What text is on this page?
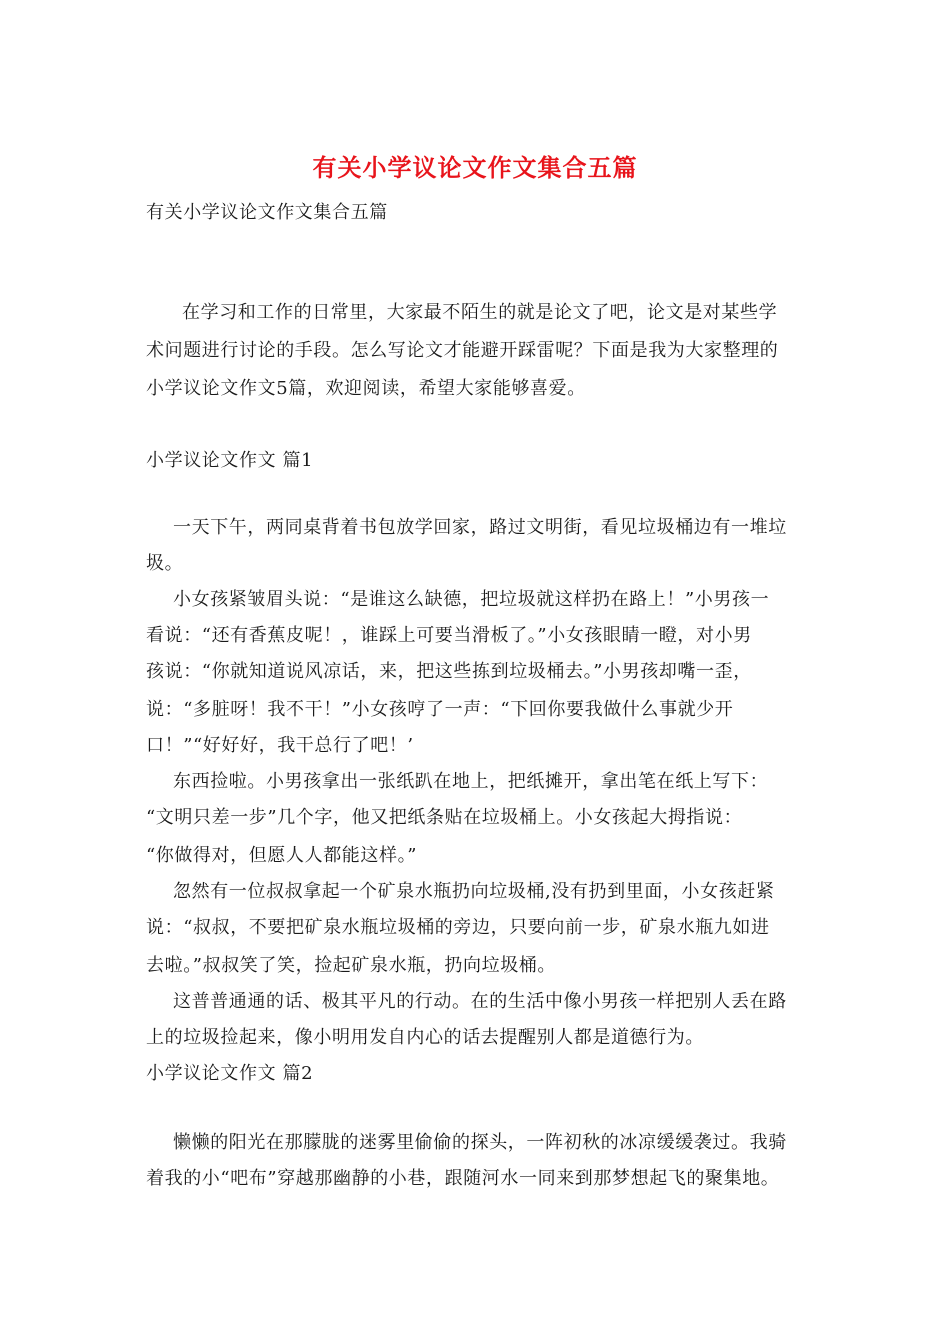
有关小学议论文作文集合五篇
有关小学议论文作文集合五篇
在学习和工作的日常里，大家最不陌生的就是论文了吧，论文是对某些学
术问题进行讨论的手段。怎么写论文才能避开踩雷呢？下面是我为大家整理的
小学议论文作文5篇，欢迎阅读，希望大家能够喜爱。
小学议论文作文 篇1
一天下午，两同桌背着书包放学回家，路过文明街，看见垃圾桶边有一堆垃
圾。
小女孩紧皱眉头说：“是谁这么缺德，把垃圾就这样扔在路上！”小男孩一
看说：“还有香蕉皮呢！，谁踩上可要当滑板了。”小女孩眼睛一瞪，对小男
孩说：“你就知道说风凉话，来，把这些拣到垃圾桶去。”小男孩却嘴一歪，
说：“多脏呀！我不干！”小女孩哼了一声：“下回你要我做什么事就少开
口！”“好好好，我干总行了吧！’
东西捡啦。小男孩拿出一张纸趴在地上，把纸摊开，拿出笔在纸上写下：
“文明只差一步”几个字，他又把纸条贴在垃圾桶上。小女孩起大拇指说：
“你做得对，但愿人人都能这样。”
忽然有一位叔叔拿起一个矿泉水瓶扔向垃圾桶,没有扔到里面，小女孩赶紧
说：“叔叔，不要把矿泉水瓶垃圾桶的旁边，只要向前一步，矿泉水瓶九如进
去啦。”叔叔笑了笑，捡起矿泉水瓶，扔向垃圾桶。
这普普通通的话、极其平凡的行动。在的生活中像小男孩一样把别人丢在路
上的垃圾捡起来，像小明用发自内心的话去提醒别人都是道德行为。
小学议论文作文 篇2
懒懒的阳光在那朦胧的迷雾里偷偷的探头，一阵初秋的冰凉缓缓袭过。我骑
着我的小“吧布”穿越那幽静的小巷，跟随河水一同来到那梦想起飞的聚集地。
